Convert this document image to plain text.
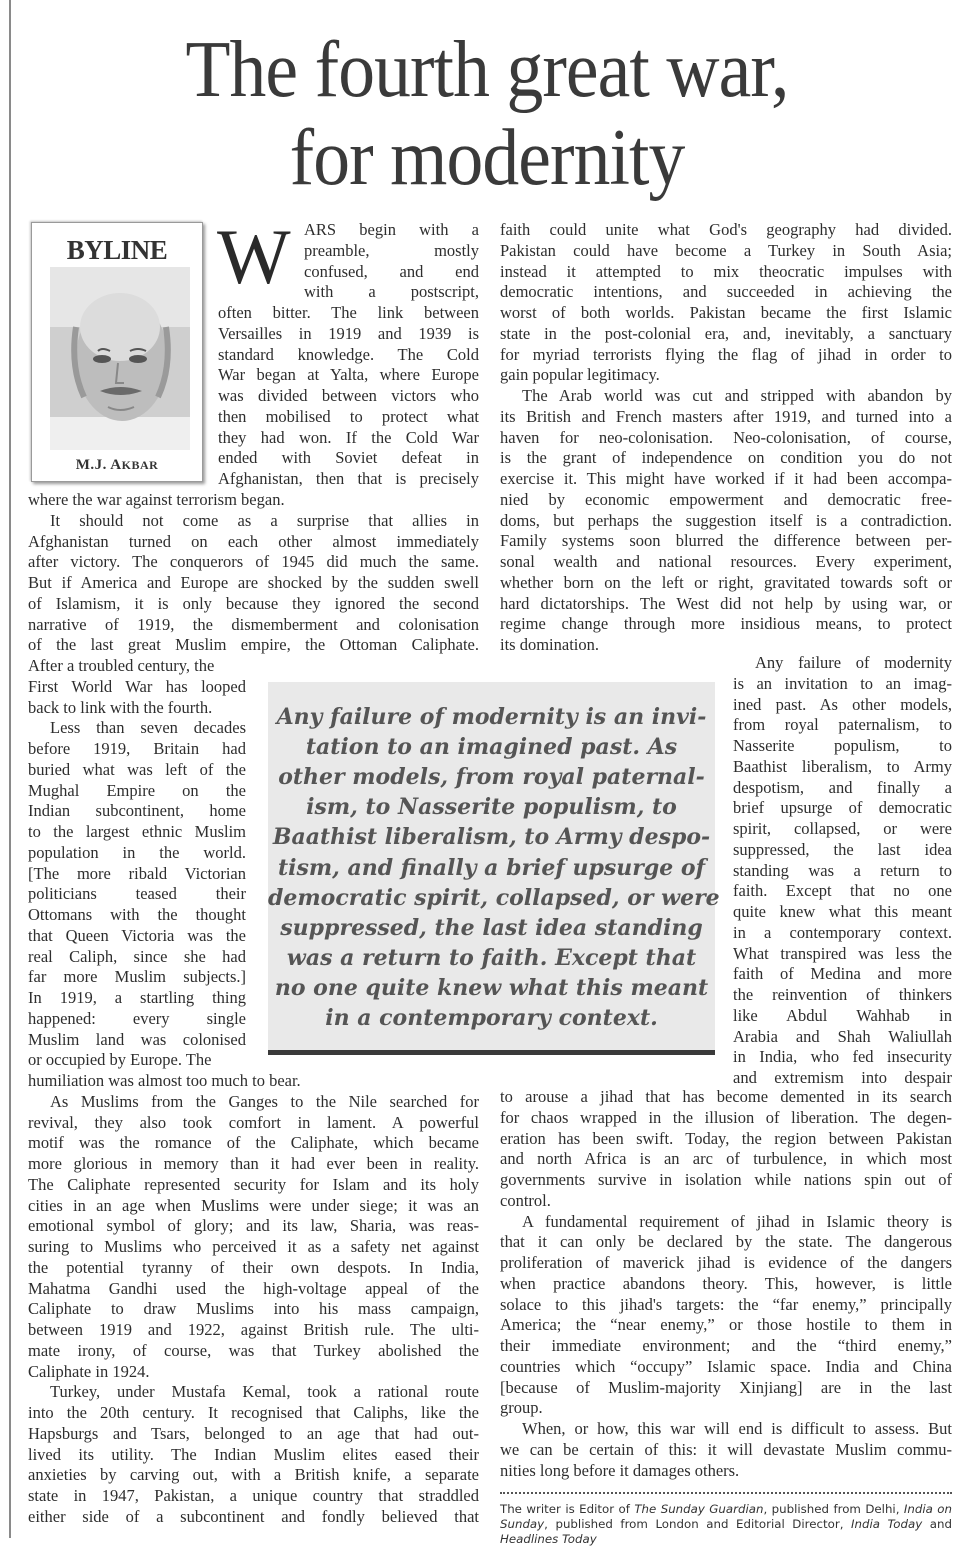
The fourth great war,
for modernity
BYLINE
M.J. AKBAR
W ARS begin with a
preamble, mostly
confused, and end
with a postscript,
often bitter. The link between
Versailles in 1919 and 1939 is
standard knowledge. The Cold
War began at Yalta, where Europe
was divided between victors who
then mobilised to protect what
they had won. If the Cold War
ended with Soviet defeat in
Afghanistan, then that is precisely
where the war against terrorism began.
It should not come as a surprise that allies in
Afghanistan turned on each other almost immediately
after victory. The conquerors of 1945 did much the same.
But if America and Europe are shocked by the sudden swell
of Islamism, it is only because they ignored the second
narrative of 1919, the dismemberment and colonisation
of the last great Muslim empire, the Ottoman Caliphate.
After a troubled century, the
First World War has looped
back to link with the fourth.
Less than seven decades
before 1919, Britain had
buried what was left of the
Mughal Empire on the
Indian subcontinent, home
to the largest ethnic Muslim
population in the world.
[The more ribald Victorian
politicians teased their
Ottomans with the thought
that Queen Victoria was the
real Caliph, since she had
far more Muslim subjects.]
In 1919, a startling thing
happened: every single
Muslim land was colonised
or occupied by Europe. The
humiliation was almost too much to bear.
As Muslims from the Ganges to the Nile searched for
revival, they also took comfort in lament. A powerful
motif was the romance of the Caliphate, which became
more glorious in memory than it had ever been in reality.
The Caliphate represented security for Islam and its holy
cities in an age when Muslims were under siege; it was an
emotional symbol of glory; and its law, Sharia, was reas-
suring to Muslims who perceived it as a safety net against
the potential tyranny of their own despots. In India,
Mahatma Gandhi used the high-voltage appeal of the
Caliphate to draw Muslims into his mass campaign,
between 1919 and 1922, against British rule. The ulti-
mate irony, of course, was that Turkey abolished the
Caliphate in 1924.
Turkey, under Mustafa Kemal, took a rational route
into the 20th century. It recognised that Caliphs, like the
Hapsburgs and Tsars, belonged to an age that had out-
lived its utility. The Indian Muslim elites eased their
anxieties by carving out, with a British knife, a separate
state in 1947, Pakistan, a unique country that straddled
either side of a subcontinent and fondly believed that
faith could unite what God's geography had divided.
Pakistan could have become a Turkey in South Asia;
instead it attempted to mix theocratic impulses with
democratic intentions, and succeeded in achieving the
worst of both worlds. Pakistan became the first Islamic
state in the post-colonial era, and, inevitably, a sanctuary
for myriad terrorists flying the flag of jihad in order to
gain popular legitimacy.
The Arab world was cut and stripped with abandon by
its British and French masters after 1919, and turned into a
haven for neo-colonisation. Neo-colonisation, of course,
is the grant of independence on condition you do not
exercise it. This might have worked if it had been accompa-
nied by economic empowerment and democratic free-
doms, but perhaps the suggestion itself is a contradiction.
Family systems soon blurred the difference between per-
sonal wealth and national resources. Every experiment,
whether born on the left or right, gravitated towards soft or
hard dictatorships. The West did not help by using war, or
regime change through more insidious means, to protect
its domination.
Any failure of modernity
is an invitation to an imag-
ined past. As other models,
from royal paternalism, to
Nasserite populism, to
Baathist liberalism, to Army
despotism, and finally a
brief upsurge of democratic
spirit, collapsed, or were
suppressed, the last idea
standing was a return to
faith. Except that no one
quite knew what this meant
in a contemporary context.
What transpired was less the
faith of Medina and more
the reinvention of thinkers
like Abdul Wahhab in
Arabia and Shah Waliullah
in India, who fed insecurity
and extremism into despair
to arouse a jihad that has become demented in its search
for chaos wrapped in the illusion of liberation. The degen-
eration has been swift. Today, the region between Pakistan
and north Africa is an arc of turbulence, in which most
governments survive in isolation while nations spin out of
control.
A fundamental requirement of jihad in Islamic theory is
that it can only be declared by the state. The dangerous
proliferation of maverick jihad is evidence of the dangers
when practice abandons theory. This, however, is little
solace to this jihad's targets: the “far enemy,” principally
America; the “near enemy,” or those hostile to them in
their immediate environment; and the “third enemy,”
countries which “occupy” Islamic space. India and China
[because of Muslim-majority Xinjiang] are in the last
group.
When, or how, this war will end is difficult to assess. But
we can be certain of this: it will devastate Muslim commu-
nities long before it damages others.
Any failure of modernity is an invi-
tation to an imagined past. As
other models, from royal paternal-
ism, to Nasserite populism, to
Baathist liberalism, to Army despo-
tism, and finally a brief upsurge of
democratic spirit, collapsed, or were
suppressed, the last idea standing
was a return to faith. Except that
no one quite knew what this meant
in a contemporary context.
The writer is Editor of The Sunday Guardian, published from Delhi, India on
Sunday, published from London and Editorial Director, India Today and
Headlines Today
